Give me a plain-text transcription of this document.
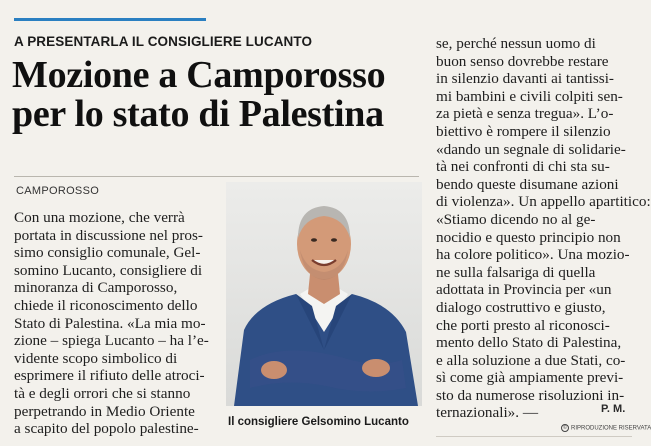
A PRESENTARLA IL CONSIGLIERE LUCANTO
Mozione a Camporosso
per lo stato di Palestina
CAMPOROSSO
Con una mozione, che verrà
portata in discussione nel pros-
simo consiglio comunale, Gel-
somino Lucanto, consigliere di
minoranza di Camporosso,
chiede il riconoscimento dello
Stato di Palestina. «La mia mo-
zione – spiega Lucanto – ha l’e-
vidente scopo simbolico di
esprimere il rifiuto delle atroci-
tà e degli orrori che si stanno
perpetrando in Medio Oriente
a scapito del popolo palestine-	Il consigliere Gelsomino Lucanto
se, perché nessun uomo di
buon senso dovrebbe restare
in silenzio davanti ai tantissi-
mi bambini e civili colpiti sen-
za pietà e senza tregua». L’o-
biettivo è rompere il silenzio
«dando un segnale di solidarie-
tà nei confronti di chi sta su-
bendo queste disumane azioni
di violenza». Un appello apartitico:
«Stiamo dicendo no al ge-
nocidio e questo principio non
ha colore politico». Una mozio-
ne sulla falsariga di quella
adottata in Provincia per «un
dialogo costruttivo e giusto,
che porti presto al riconosci-
mento dello Stato di Palestina,
e alla soluzione a due Stati, co-
sì come già ampiamente previ-
sto da numerose risoluzioni in-
ternazionali». —	P. M.
© RIPRODUZIONE RISERVATA
